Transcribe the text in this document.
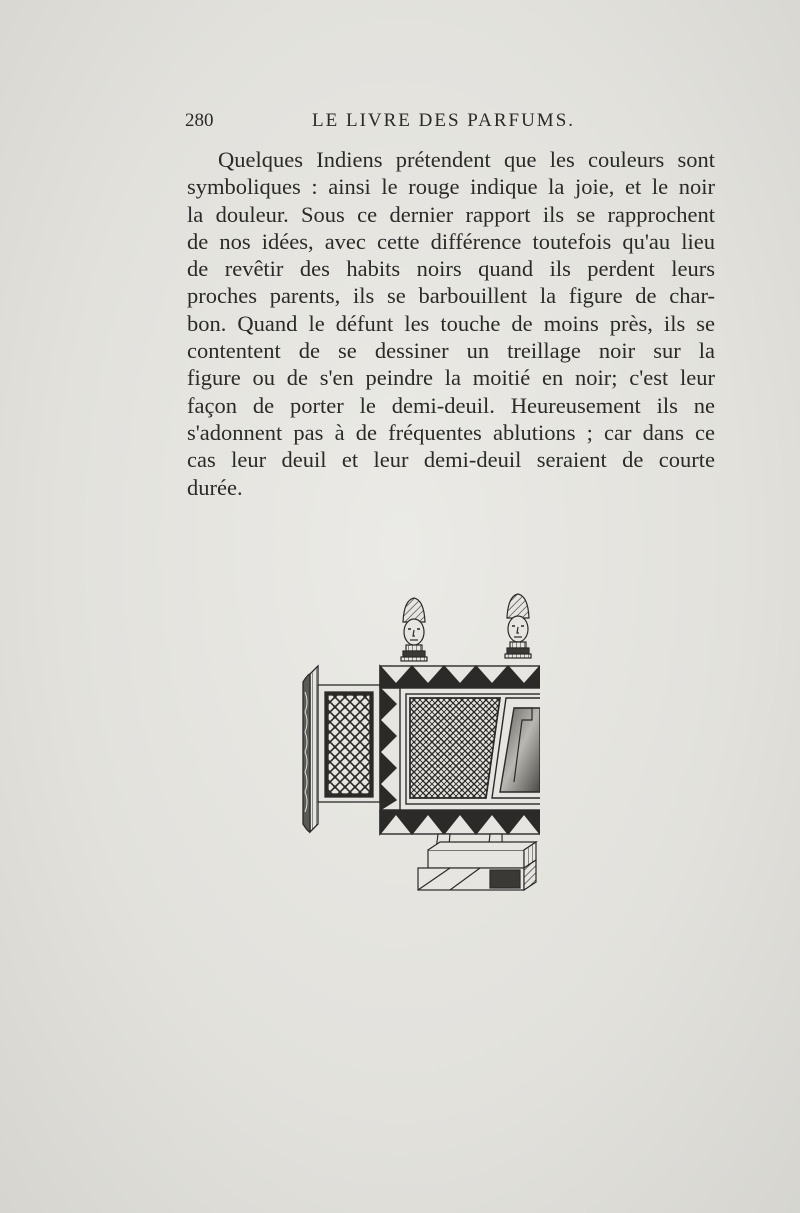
280	LE LIVRE DES PARFUMS.
Quelques Indiens prétendent que les couleurs sont
symboliques : ainsi le rouge indique la joie, et le noir
la douleur. Sous ce dernier rapport ils se rapprochent
de nos idées, avec cette différence toutefois qu'au lieu
de revêtir des habits noirs quand ils perdent leurs
proches parents, ils se barbouillent la figure de char-
bon. Quand le défunt les touche de moins près, ils se
contentent de se dessiner un treillage noir sur la
figure ou de s'en peindre la moitié en noir; c'est leur
façon de porter le demi-deuil. Heureusement ils ne
s'adonnent pas à de fréquentes ablutions ; car dans ce
cas leur deuil et leur demi-deuil seraient de courte
durée.
